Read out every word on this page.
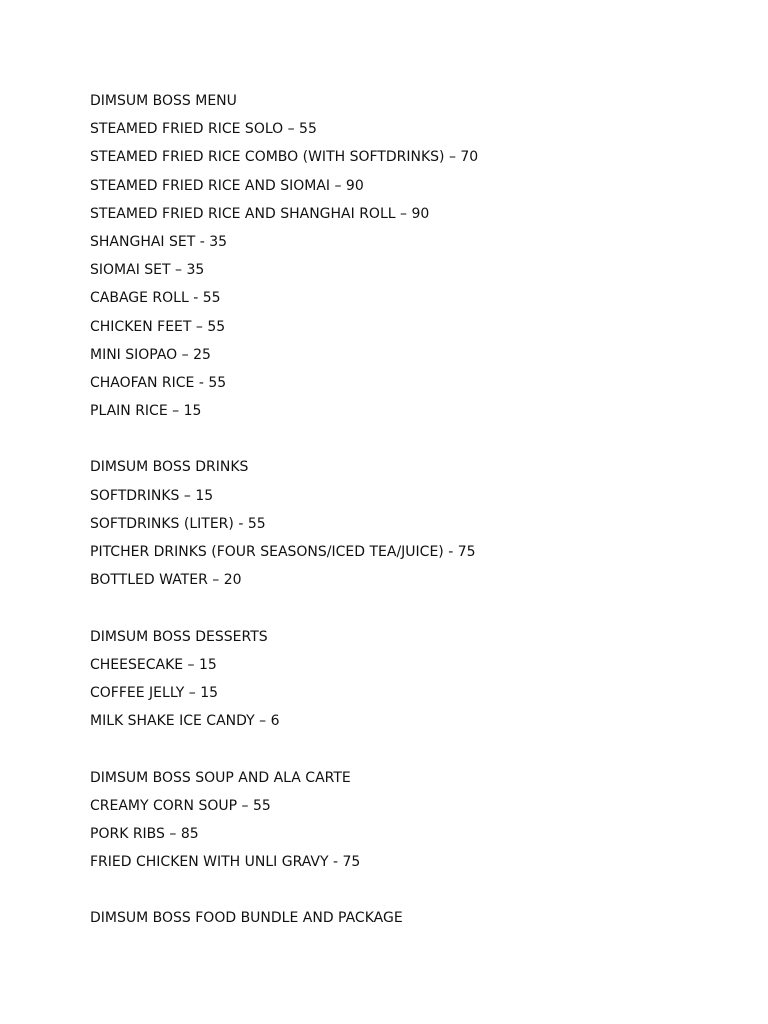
DIMSUM BOSS MENU
STEAMED FRIED RICE SOLO – 55
STEAMED FRIED RICE COMBO (WITH SOFTDRINKS) – 70
STEAMED FRIED RICE AND SIOMAI – 90
STEAMED FRIED RICE AND SHANGHAI ROLL – 90
SHANGHAI SET - 35
SIOMAI SET – 35
CABAGE ROLL - 55
CHICKEN FEET – 55
MINI SIOPAO – 25
CHAOFAN RICE - 55
PLAIN RICE – 15
DIMSUM BOSS DRINKS
SOFTDRINKS – 15
SOFTDRINKS (LITER) - 55
PITCHER DRINKS (FOUR SEASONS/ICED TEA/JUICE) - 75
BOTTLED WATER – 20
DIMSUM BOSS DESSERTS
CHEESECAKE – 15
COFFEE JELLY – 15
MILK SHAKE ICE CANDY – 6
DIMSUM BOSS SOUP AND ALA CARTE
CREAMY CORN SOUP – 55
PORK RIBS – 85
FRIED CHICKEN WITH UNLI GRAVY - 75
DIMSUM BOSS FOOD BUNDLE AND PACKAGE
